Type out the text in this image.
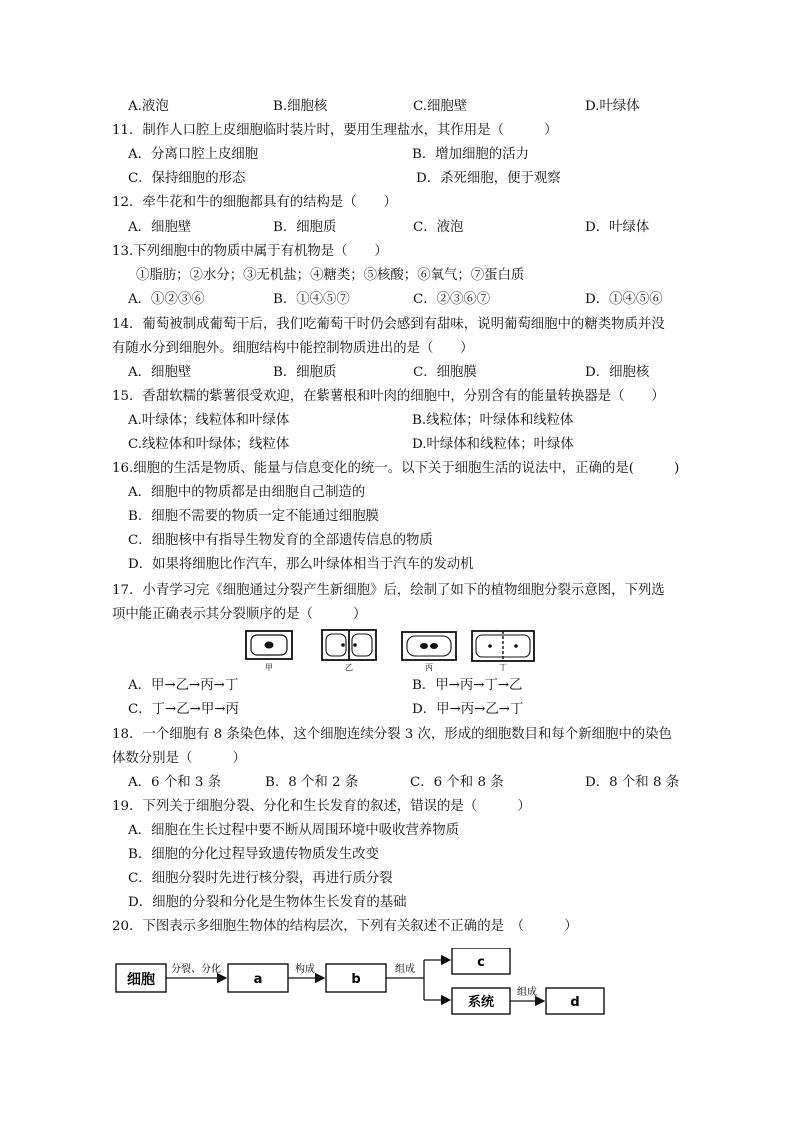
A.液泡	B.细胞核	C.细胞壁	D.叶绿体
11．制作人口腔上皮细胞临时装片时，要用生理盐水，其作用是（　　　）
A．分离口腔上皮细胞	B．增加细胞的活力
C．保持细胞的形态	D．杀死细胞，便于观察
12．牵牛花和牛的细胞都具有的结构是（　　）
A．细胞壁	B．细胞质	C．液泡	D．叶绿体
13.下列细胞中的物质中属于有机物是（　　）
①脂肪；②水分；③无机盐；④糖类；⑤核酸；⑥氧气；⑦蛋白质
A．①②③⑥	B．①④⑤⑦	C．②③⑥⑦	D．①④⑤⑥
14．葡萄被制成葡萄干后，我们吃葡萄干时仍会感到有甜味，说明葡萄细胞中的糖类物质并没
有随水分到细胞外。细胞结构中能控制物质进出的是（　　）
A．细胞壁	B．细胞质	C．细胞膜	D．细胞核
15．香甜软糯的紫薯很受欢迎，在紫薯根和叶肉的细胞中，分别含有的能量转换器是（　　）
A.叶绿体；线粒体和叶绿体	B.线粒体；叶绿体和线粒体
C.线粒体和叶绿体；线粒体	D.叶绿体和线粒体；叶绿体
16.细胞的生活是物质、能量与信息变化的统一。以下关于细胞生活的说法中，正确的是(　　　)
A．细胞中的物质都是由细胞自己制造的
B．细胞不需要的物质一定不能通过细胞膜
C．细胞核中有指导生物发育的全部遗传信息的物质
D．如果将细胞比作汽车，那么叶绿体相当于汽车的发动机
17．小青学习完《细胞通过分裂产生新细胞》后，绘制了如下的植物细胞分裂示意图，下列选
项中能正确表示其分裂顺序的是（　　　）
甲	乙	丙	丁
A．甲→乙→丙→丁	B．甲→丙→丁→乙
C．丁→乙→甲→丙	D．甲→丙→乙→丁
18．一个细胞有 8 条染色体，这个细胞连续分裂 3 次，形成的细胞数目和每个新细胞中的染色
体数分别是（　　　）
A．6 个和 3 条	B．8 个和 2 条	C．6 个和 8 条	D．8 个和 8 条
19．下列关于细胞分裂、分化和生长发育的叙述，错误的是（　　　）
A．细胞在生长过程中要不断从周围环境中吸收营养物质
B．细胞的分化过程导致遗传物质发生改变
C．细胞分裂时先进行核分裂，再进行质分裂
D．细胞的分裂和分化是生物体生长发育的基础
20．下图表示多细胞生物体的结构层次，下列有关叙述不正确的是　（　　　）
细胞
分裂、分化
a
构成
b
组成	c
系统
组成
d
